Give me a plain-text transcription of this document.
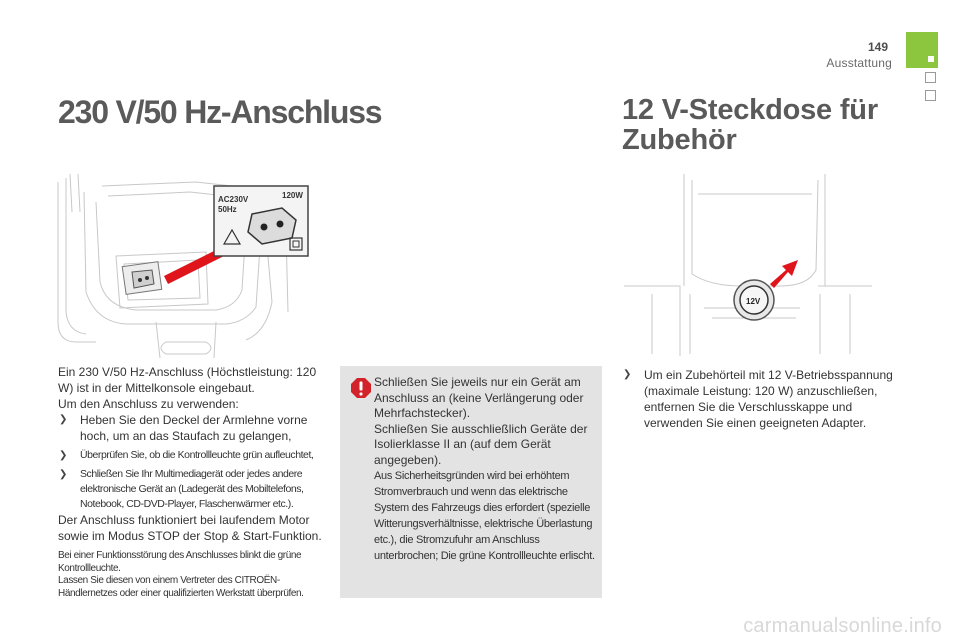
149
Ausstattung
230 V/50 Hz-Anschluss	12 V-Steckdose für Zubehör
AC230V
50Hz
120W
12V

Ein 230 V/50 Hz-Anschluss (Höchstleistung: 120 W) ist in der Mittelkonsole eingebaut.

Um den Anschluss zu verwenden:

❯ Heben Sie den Deckel der Armlehne vorne hoch, um an das Staufach zu gelangen,
❯ Überprüfen Sie, ob die Kontrollleuchte grün aufleuchtet,
❯ Schließen Sie Ihr Multimediagerät oder jedes andere elektronische Gerät an (Ladegerät des Mobiltelefons, Notebook, CD-DVD-Player, Flaschenwärmer etc.).

Der Anschluss funktioniert bei laufendem Motor sowie im Modus STOP der Stop & Start-Funktion.

Bei einer Funktionsstörung des Anschlusses blinkt die grüne Kontrollleuchte.

Lassen Sie diesen von einem Vertreter des CITROËN-Händlernetzes oder einer qualifizierten Werkstatt überprüfen.

Schließen Sie jeweils nur ein Gerät am Anschluss an (keine Verlängerung oder Mehrfachstecker).

Schließen Sie ausschließlich Geräte der Isolierklasse II an (auf dem Gerät angegeben).

Aus Sicherheitsgründen wird bei erhöhtem Stromverbrauch und wenn das elektrische System des Fahrzeugs dies erfordert (spezielle Witterungsverhältnisse, elektrische Überlastung etc.), die Stromzufuhr am Anschluss unterbrochen; Die grüne Kontrollleuchte erlischt.

❯ Um ein Zubehörteil mit 12 V-Betriebsspannung (maximale Leistung: 120 W) anzuschließen, entfernen Sie die Verschlusskappe und verwenden Sie einen geeigneten Adapter.
carmanualsonline.info
